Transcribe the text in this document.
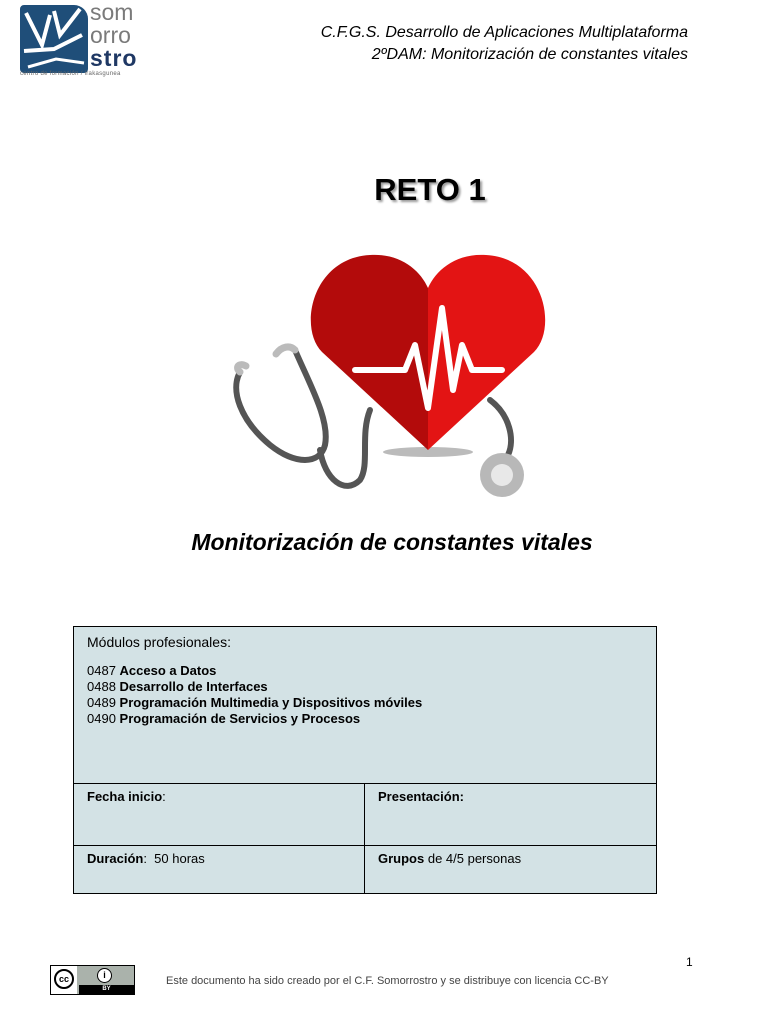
som
orro
stro
centro de formación / irakasgunea
C.F.G.S. Desarrollo de Aplicaciones Multiplataforma
2ºDAM: Monitorización de constantes vitales
RETO 1
Monitorización de constantes vitales
Módulos profesionales:
0487 Acceso a Datos
0488 Desarrollo de Interfaces
0489 Programación Multimedia y Dispositivos móviles
0490 Programación de Servicios y Procesos	

Fecha inicio:	Presentación:
Duración:  50 horas	Grupos de 4/5 personas
1
cc	i
BY
Este documento ha sido creado por el C.F. Somorrostro y se distribuye con licencia CC-BY
